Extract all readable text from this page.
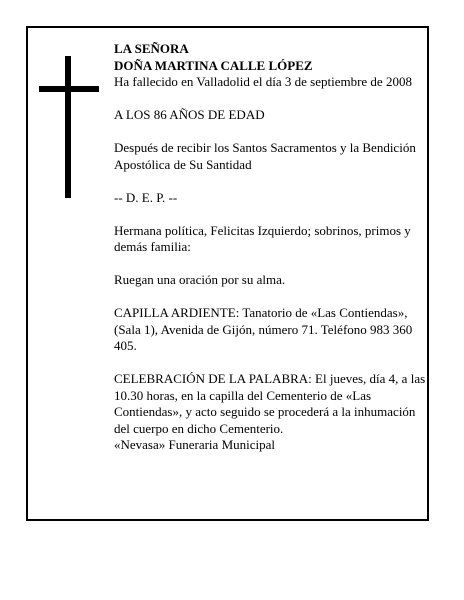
LA SEÑORA

DOÑA MARTINA CALLE LÓPEZ

Ha fallecido en Valladolid el día 3 de septiembre de 2008

A LOS 86 AÑOS DE EDAD

Después de recibir los Santos Sacramentos y la Bendición Apostólica de Su Santidad

-- D. E. P. --

Hermana política, Felicitas Izquierdo; sobrinos, primos y demás familia:

Ruegan una oración por su alma.

CAPILLA ARDIENTE: Tanatorio de «Las Contiendas», (Sala 1), Avenida de Gijón, número 71. Teléfono 983 360 405.

CELEBRACIÓN DE LA PALABRA: El jueves, día 4, a las 10.30 horas, en la capilla del Cementerio de «Las Contiendas», y acto seguido se procederá a la inhumación del cuerpo en dicho Cementerio.

«Nevasa» Funeraria Municipal
